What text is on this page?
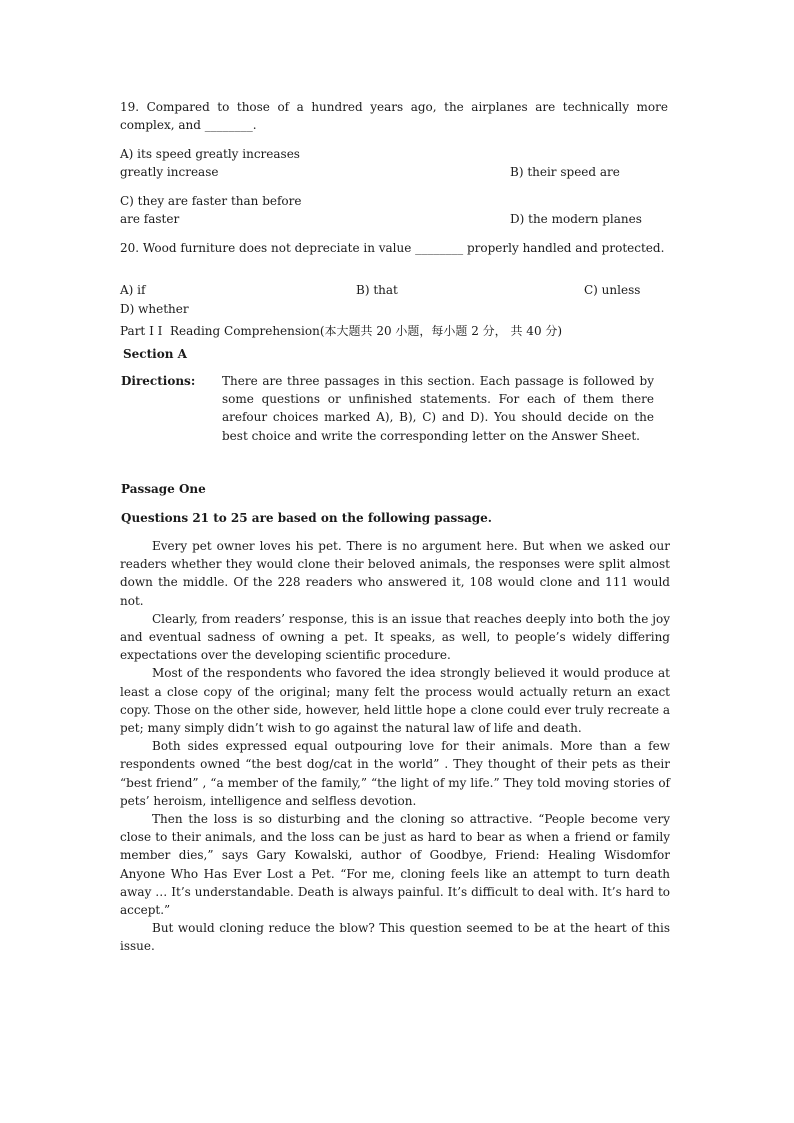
19. Compared to those of a hundred years ago, the airplanes are technically more complex, and ________.
A) its speed greatly increases

B) their speed are

greatly increase

C) they are faster than before

D) the modern planes

are faster

20. Wood furniture does not depreciate in value ________ properly handled and protected.
A) if	B) that	C) unless
D) whether
Part I I  Reading Comprehension(本大题共 20 小题，每小题 2 分， 共 40 分)
Section A
Directions: There are three passages in this section. Each passage is followed by some questions or unfinished statements. For each of them there arefour choices marked A), B), C) and D). You should decide on the best choice and write the corresponding letter on the Answer Sheet.
Passage One
Questions 21 to 25 are based on the following passage.

Every pet owner loves his pet. There is no argument here. But when we asked our readers whether they would clone their beloved animals, the responses were split almost down the middle. Of the 228 readers who answered it, 108 would clone and 111 would not.

Clearly, from readers’ response, this is an issue that reaches deeply into both the joy and eventual sadness of owning a pet. It speaks, as well, to people’s widely differing expectations over the developing scientific procedure.

Most of the respondents who favored the idea strongly believed it would produce at least a close copy of the original; many felt the process would actually return an exact copy. Those on the other side, however, held little hope a clone could ever truly recreate a pet; many simply didn’t wish to go against the natural law of life and death.

Both sides expressed equal outpouring love for their animals. More than a few respondents owned “the best dog/cat in the world” . They thought of their pets as their “best friend” , “a member of the family,” “the light of my life.” They told moving stories of pets’ heroism, intelligence and selfless devotion.

Then the loss is so disturbing and the cloning so attractive. “People become very close to their animals, and the loss can be just as hard to bear as when a friend or family member dies,” says Gary Kowalski, author of Goodbye, Friend: Healing Wisdomfor Anyone Who Has Ever Lost a Pet. “For me, cloning feels like an attempt to turn death away … It’s understandable. Death is always painful. It’s difficult to deal with. It’s hard to accept.”

But would cloning reduce the blow? This question seemed to be at the heart of this issue.
